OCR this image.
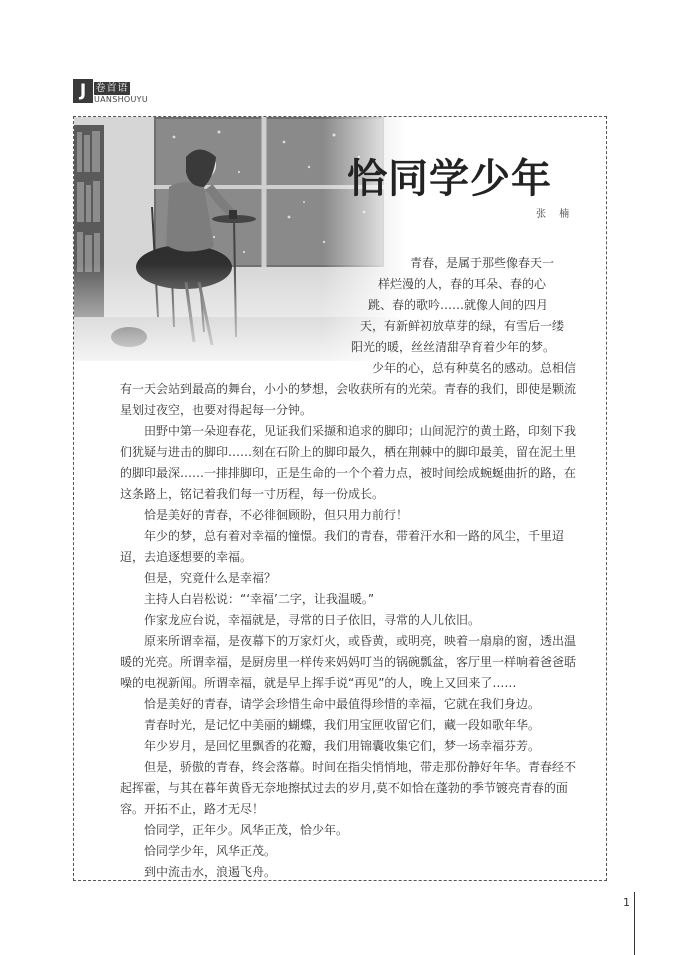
J 卷首语
UANSHOUYU
恰同学少年
张 楠
青春，是属于那些像春天一
样烂漫的人，春的耳朵、春的心
跳、春的歌吟……就像人间的四月
天，有新鲜初放草芽的绿，有雪后一缕
阳光的暖，丝丝清甜孕育着少年的梦。
少年的心，总有种莫名的感动。总相信
有一天会站到最高的舞台，小小的梦想，会收获所有的光荣。青春的我们，即使是颗流
星划过夜空，也要对得起每一分钟。
田野中第一朵迎春花，见证我们采撷和追求的脚印；山间泥泞的黄土路，印刻下我
们犹疑与进击的脚印……刻在石阶上的脚印最久，栖在荆棘中的脚印最美，留在泥土里
的脚印最深……一排排脚印，正是生命的一个个着力点，被时间绘成蜿蜒曲折的路，在
这条路上，铭记着我们每一寸历程，每一份成长。
恰是美好的青春，不必徘徊顾盼，但只用力前行！
年少的梦，总有着对幸福的憧憬。我们的青春，带着汗水和一路的风尘，千里迢
迢，去追逐想要的幸福。
但是，究竟什么是幸福？
主持人白岩松说：“‘幸福’二字，让我温暖。”
作家龙应台说，幸福就是，寻常的日子依旧，寻常的人儿依旧。
原来所谓幸福，是夜幕下的万家灯火，或昏黄，或明亮，映着一扇扇的窗，透出温
暖的光亮。所谓幸福，是厨房里一样传来妈妈叮当的锅碗瓢盆，客厅里一样响着爸爸聒
噪的电视新闻。所谓幸福，就是早上挥手说“再见”的人，晚上又回来了……
恰是美好的青春，请学会珍惜生命中最值得珍惜的幸福，它就在我们身边。
青春时光，是记忆中美丽的蝴蝶，我们用宝匣收留它们，藏一段如歌年华。
年少岁月，是回忆里飘香的花瓣，我们用锦囊收集它们，梦一场幸福芬芳。
但是，骄傲的青春，终会落幕。时间在指尖悄悄地，带走那份静好年华。青春经不
起挥霍，与其在暮年黄昏无奈地擦拭过去的岁月,莫不如恰在蓬勃的季节镀亮青春的面
容。开拓不止，路才无尽！
恰同学，正年少。风华正茂，恰少年。
恰同学少年，风华正茂。
到中流击水，浪遏飞舟。
1
